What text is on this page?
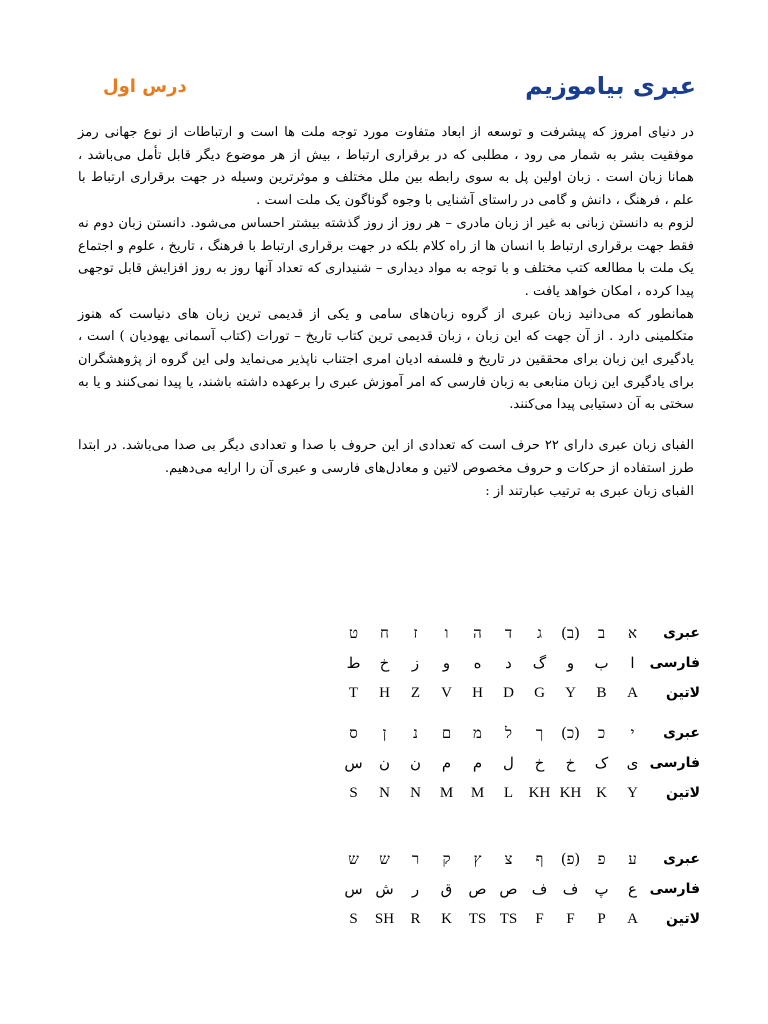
عبری بیاموزیم
درس اول

در دنیای امروز که پیشرفت و توسعه از ابعاد متفاوت مورد توجه ملت ها است و ارتباطات از نوع جهانی رمز موفقیت بشر به شمار می رود ، مطلبی که در برقراری ارتباط ، بیش از هر موضوع دیگر قابل تأمل می‌باشد ، همانا زبان است . زبان اولین پل به سوی رابطه بین ملل مختلف و موثرترین وسیله در جهت برقراری ارتباط با علم ، فرهنگ ، دانش و گامی در راستای آشنایی با وجوه گوناگون یک ملت است .

لزوم به دانستن زبانی به غیر از زبان مادری – هر روز از روز گذشته بیشتر احساس می‌شود. دانستن زبان دوم نه فقط جهت برقراری ارتباط با انسان ها از راه کلام بلکه در جهت برقراری ارتباط با فرهنگ ، تاریخ ، علوم و اجتماع یک ملت با مطالعه کتب مختلف و با توجه به مواد دیداری – شنیداری که تعداد آنها روز به روز افزایش قابل توجهی پیدا کرده ، امکان خواهد یافت .

همانطور که می‌دانید زبان عبری از گروه زبان‌های سامی و یکی از قدیمی ترین زبان های دنیاست که هنوز متکلمینی دارد . از آن جهت که این زبان ، زبان قدیمی ترین کتاب تاریخ – تورات (کتاب آسمانی یهودیان ) است ، یادگیری این زبان برای محققین در تاریخ و فلسفه ادیان امری اجتناب ناپذیر می‌نماید ولی این گروه از پژوهشگران برای یادگیری این زبان منابعی به زبان فارسی که امر آموزش عبری را برعهده داشته باشند، یا پیدا نمی‌کنند و یا به سختی به آن دستیابی پیدا می‌کنند.

الفبای زبان عبری دارای ۲۲ حرف است که تعدادی از این حروف با صدا و تعدادی دیگر بی صدا می‌باشد. در ابتدا طرز استفاده از حرکات و حروف مخصوص لاتین و معادل‌های فارسی و عبری آن را ارایه می‌دهیم.

الفبای زبان عبری به ترتیب عبارتند از :

عبری
א
ב
(ב)
ג
ד
ה
ו
ז
ח
ט
فارسی
ا
ب
و
گ
د
ه
و
ز
خ
ط
لاتین
A
B
Y
G
D
H
V
Z
H
T
عبری
י
כ
(כ)
ך
ל
מ
ם
נ
ן
ס
فارسی
ی
ک
خ
خ
ل
م
م
ن
ن
س
لاتین
Y
K
KH
KH
L
M
M
N
N
S
عبری
ע
פ
(פ)
ף
צ
ץ
ק
ר
ש
ש
فارسی
ع
پ
ف
ف
ص
ص
ق
ر
ش
س
لاتین
A
P
F
F
TS
TS
K
R
SH
S
